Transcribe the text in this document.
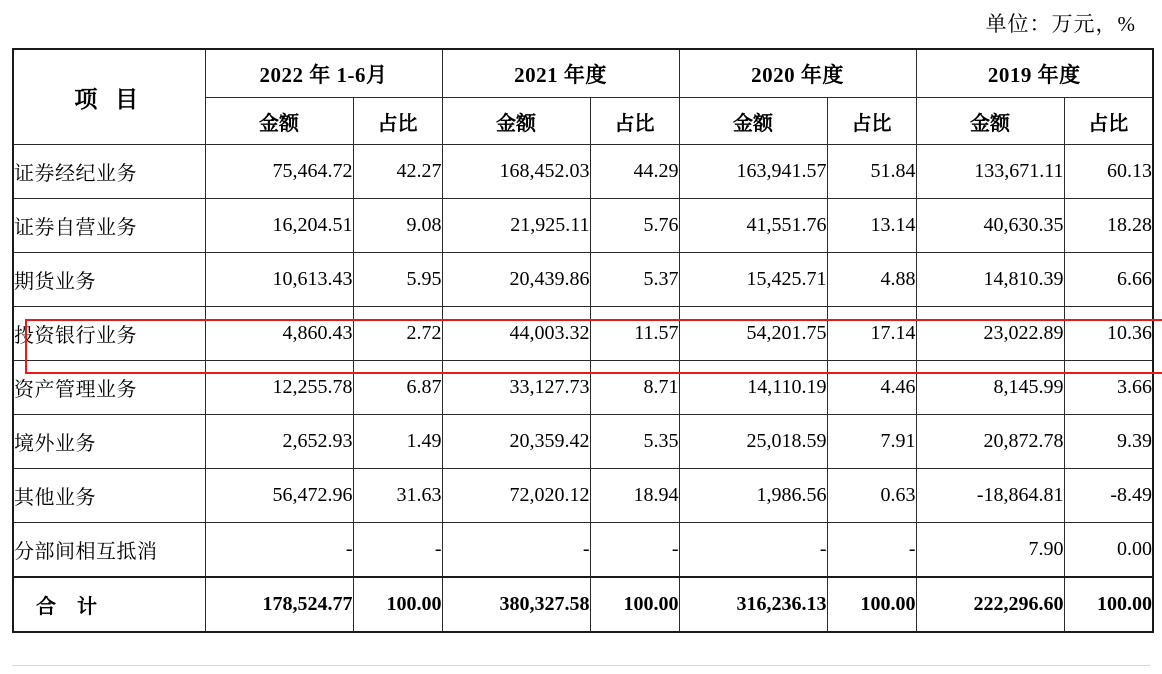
单位：万元，%
项 目	2022 年 1-6月		2021 年度		2020 年度		2019 年度	
	金额	占比	金额	占比	金额	占比	金额	占比
证券经纪业务	75,464.72	42.27	168,452.03	44.29	163,941.57	51.84	133,671.11	60.13
证券自营业务	16,204.51	9.08	21,925.11	5.76	41,551.76	13.14	40,630.35	18.28
期货业务	10,613.43	5.95	20,439.86	5.37	15,425.71	4.88	14,810.39	6.66
投资银行业务	4,860.43	2.72	44,003.32	11.57	54,201.75	17.14	23,022.89	10.36
资产管理业务	12,255.78	6.87	33,127.73	8.71	14,110.19	4.46	8,145.99	3.66
境外业务	2,652.93	1.49	20,359.42	5.35	25,018.59	7.91	20,872.78	9.39
其他业务	56,472.96	31.63	72,020.12	18.94	1,986.56	0.63	-18,864.81	-8.49
分部间相互抵消	-	-	-	-	-	-	7.90	0.00
合 计	178,524.77	100.00	380,327.58	100.00	316,236.13	100.00	222,296.60	100.00
